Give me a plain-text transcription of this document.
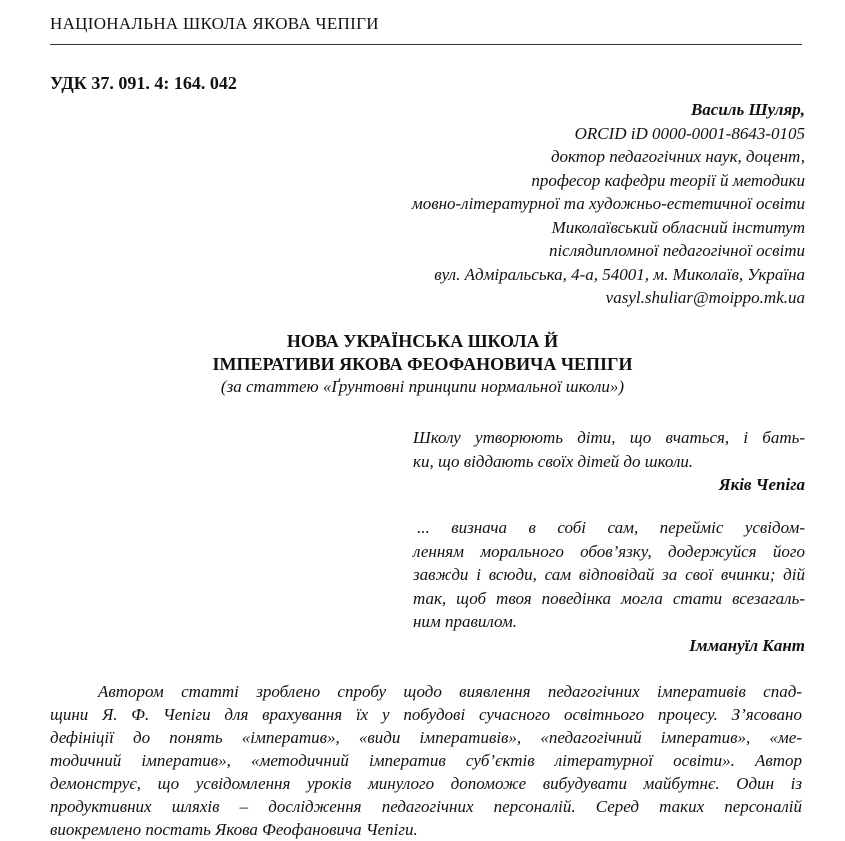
НАЦІОНАЛЬНА ШКОЛА ЯКОВА ЧЕПІГИ
УДК 37. 091. 4: 164. 042
Василь Шуляр,
ORCID iD 0000-0001-8643-0105
доктор педагогічних наук, доцент,
професор кафедри теорії й методики
мовно-літературної та художньо-естетичної освіти
Миколаївський обласний інститут
післядипломної педагогічної освіти
вул. Адміральська, 4-а, 54001, м. Миколаїв, Україна
vasyl.shuliar@moippo.mk.ua
НОВА УКРАЇНСЬКА ШКОЛА Й
ІМПЕРАТИВИ ЯКОВА ФЕОФАНОВИЧА ЧЕПІГИ
(за статтею «Ґрунтовні принципи нормальної школи»)
Школу утворюють діти, що вчаться, і бать-
ки, що віддають своїх дітей до школи.
Яків Чепіга
... визнача в собі сам, перейміс усвідом-
ленням морального обов’язку, додержуйся його
завжди і всюди, сам відповідай за свої вчинки; дій
так, щоб твоя поведінка могла стати всезагаль-
ним правилом.
Іммануїл Кант
Автором статті зроблено спробу щодо виявлення педагогічних імперативів спад-
щини Я. Ф. Чепіги для врахування їх у побудові сучасного освітнього процесу. З’ясовано
дефініції до понять «імператив», «види імперативів», «педагогічний імператив», «ме-
тодичний імператив», «методичний імператив суб’єктів літературної освіти». Автор
демонструє, що усвідомлення уроків минулого допоможе вибудувати майбутнє. Один із
продуктивних шляхів – дослідження педагогічних персоналій. Серед таких персоналій
виокремлено постать Якова Феофановича Чепіги.
